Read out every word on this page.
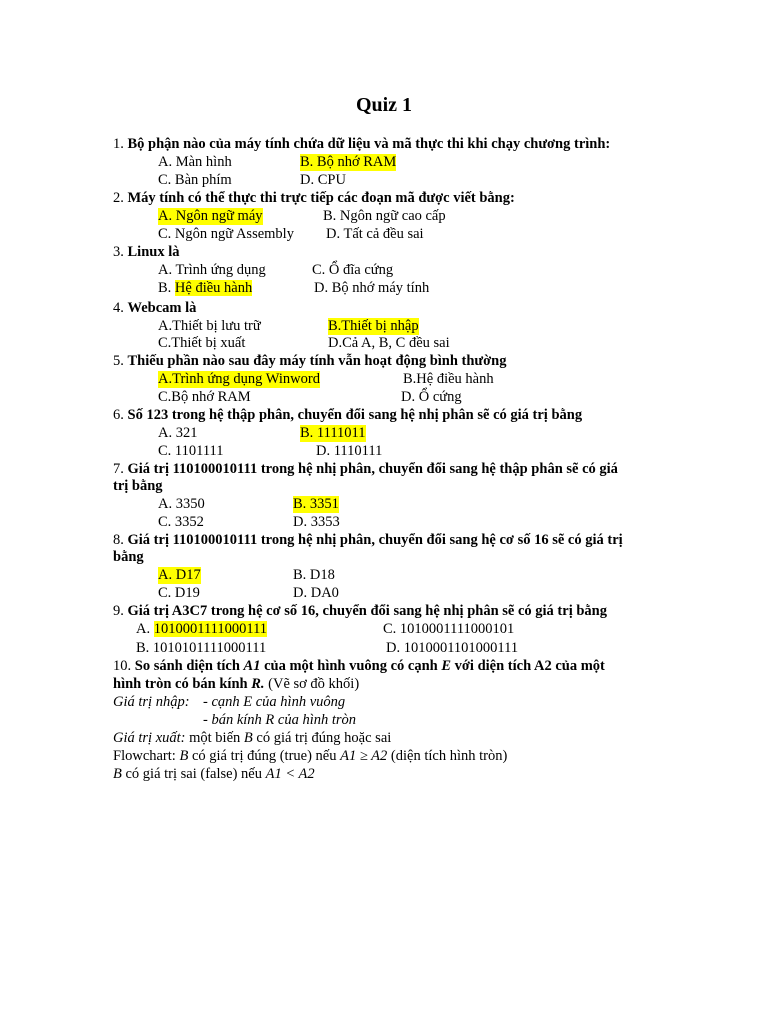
Quiz 1
1. Bộ phận nào của máy tính chứa dữ liệu và mã thực thi khi chạy chương trình:
A. Màn hình	B. Bộ nhớ RAM
C. Bàn phím	D. CPU
2. Máy tính có thể thực thi trực tiếp các đoạn mã được viết bằng:
A. Ngôn ngữ máy	B. Ngôn ngữ cao cấp
C. Ngôn ngữ Assembly D. Tất cả đều sai
3. Linux là
A. Trình ứng dụng	C. Ổ đĩa cứng
B. Hệ điều hành	D. Bộ nhớ máy tính
4. Webcam là
A.Thiết bị lưu trữ	B.Thiết bị nhập
C.Thiết bị xuất	D.Cả A, B, C đều sai
5. Thiếu phần nào sau đây máy tính vẫn hoạt động bình thường
A.Trình ứng dụng Winword	B.Hệ điều hành
C.Bộ nhớ RAM	D. Ổ cứng
6. Số 123 trong hệ thập phân, chuyển đổi sang hệ nhị phân sẽ có giá trị bằng
A. 321	B. 1111011
C. 1101111	D. 1110111
7. Giá trị 110100010111 trong hệ nhị phân, chuyển đổi sang hệ thập phân sẽ có giá
trị bằng
A. 3350	B. 3351
C. 3352	D. 3353
8. Giá trị 110100010111 trong hệ nhị phân, chuyển đổi sang hệ cơ số 16 sẽ có giá trị
bằng
A. D17	B. D18
C. D19	D. DA0
9. Giá trị A3C7 trong hệ cơ số 16, chuyển đổi sang hệ nhị phân sẽ có giá trị bằng
A. 1010001111000111	C. 1010001111000101
B. 1010101111000111	D. 1010001101000111
10. So sánh diện tích A1 của một hình vuông có cạnh E với diện tích A2 của một
hình tròn có bán kính R. (Vẽ sơ đồ khối)
Giá trị nhập: - cạnh E của hình vuông
- bán kính R của hình tròn
Giá trị xuất: một biến B có giá trị đúng hoặc sai
Flowchart: B có giá trị đúng (true) nếu A1 ≥ A2 (diện tích hình tròn)
B có giá trị sai (false) nếu A1 < A2
